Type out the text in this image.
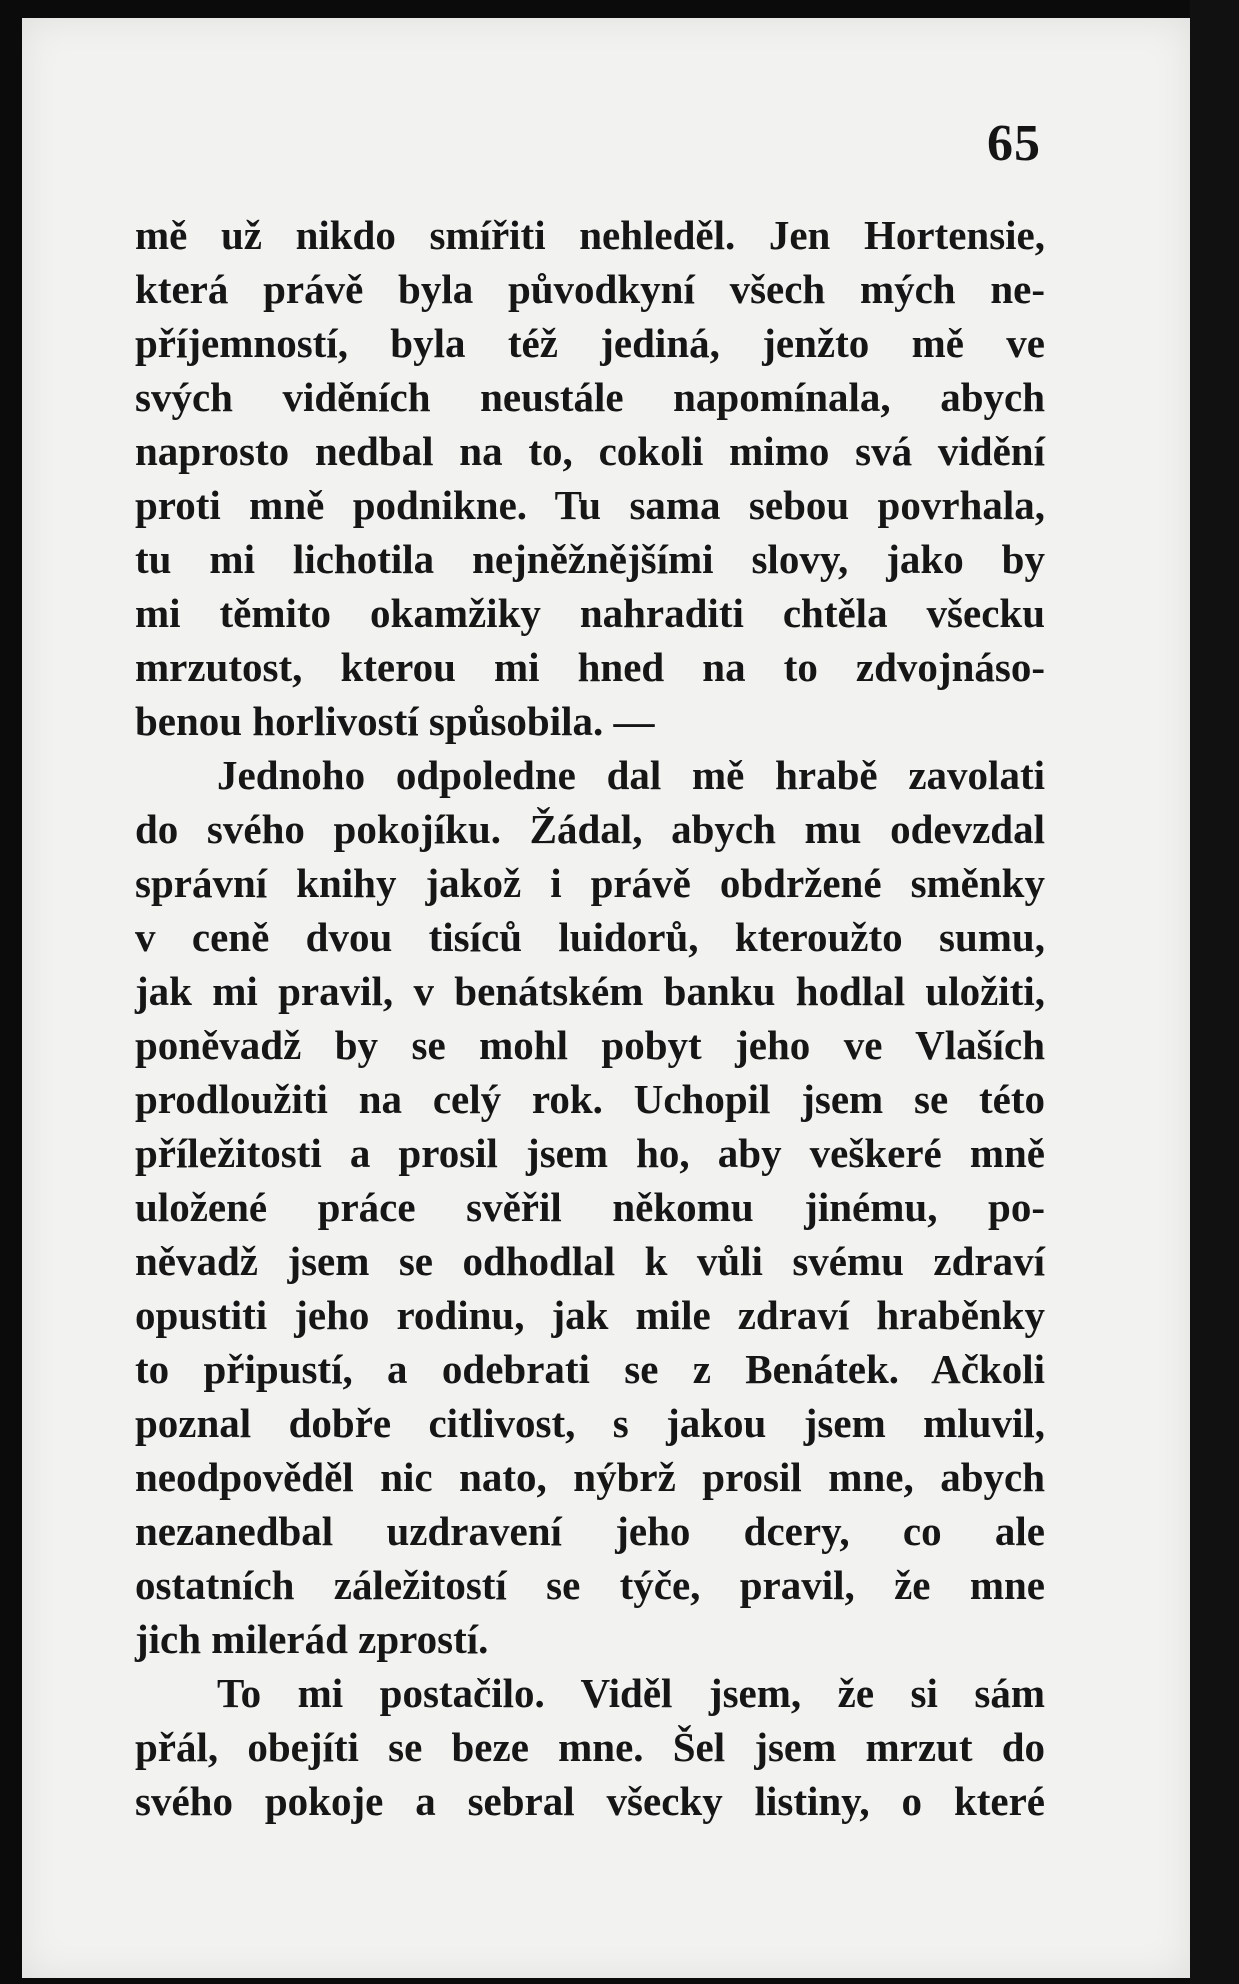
65
mě už nikdo smířiti nehleděl. Jen Hortensie,
která právě byla původkyní všech mých ne-
příjemností, byla též jediná, jenžto mě ve
svých viděních neustále napomínala, abych
naprosto nedbal na to, cokoli mimo svá vidění
proti mně podnikne. Tu sama sebou povrhala,
tu mi lichotila nejněžnějšími slovy, jako by
mi těmito okamžiky nahraditi chtěla všecku
mrzutost, kterou mi hned na to zdvojnáso-
benou horlivostí spůsobila. —
Jednoho odpoledne dal mě hrabě zavolati
do svého pokojíku. Žádal, abych mu odevzdal
správní knihy jakož i právě obdržené směnky
v ceně dvou tisíců luidorů, kteroužto sumu,
jak mi pravil, v benátském banku hodlal uložiti,
poněvadž by se mohl pobyt jeho ve Vlaších
prodloužiti na celý rok. Uchopil jsem se této
příležitosti a prosil jsem ho, aby veškeré mně
uložené práce svěřil někomu jinému, po-
něvadž jsem se odhodlal k vůli svému zdraví
opustiti jeho rodinu, jak mile zdraví hraběnky
to připustí, a odebrati se z Benátek. Ačkoli
poznal dobře citlivost, s jakou jsem mluvil,
neodpověděl nic nato, nýbrž prosil mne, abych
nezanedbal uzdravení jeho dcery, co ale
ostatních záležitostí se týče, pravil, že mne
jich milerád zprostí.
To mi postačilo. Viděl jsem, že si sám
přál, obejíti se beze mne. Šel jsem mrzut do
svého pokoje a sebral všecky listiny, o které
